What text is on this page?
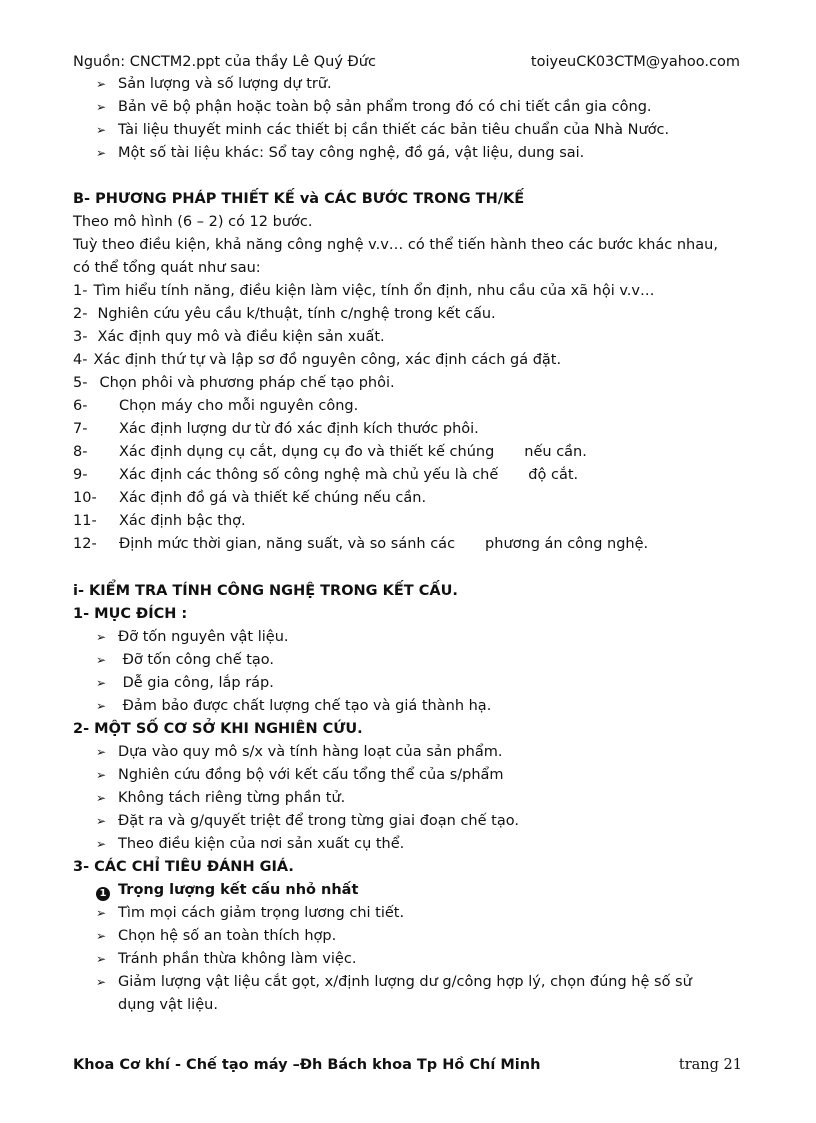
Nguồn: CNCTM2.ppt của thầy Lê Quý Đức	toiyeuCK03CTM@yahoo.com
➢ Sản lượng và số lượng dự trữ.
➢ Bản vẽ bộ phận hoặc toàn bộ sản phẩm trong đó có chi tiết cần gia công.
➢ Tài liệu thuyết minh các thiết bị cần thiết các bản tiêu chuẩn của Nhà Nước.
➢ Một số tài liệu khác: Sổ tay công nghệ, đồ gá, vật liệu, dung sai.
B- PHƯƠNG PHÁP THIẾT KẾ và CÁC BƯỚC TRONG TH/KẾ
Theo mô hình (6 – 2) có 12 bước.
Tuỳ theo điều kiện, khả năng công nghệ v.v… có thể tiến hành theo các bước khác nhau,
có thể tổng quát như sau:
1- Tìm hiểu tính năng, điều kiện làm việc, tính ổn định, nhu cầu của xã hội v.v…
2- Nghiên cứu yêu cầu k/thuật, tính c/nghệ trong kết cấu.
3- Xác định quy mô và điều kiện sản xuất.
4- Xác định thứ tự và lập sơ đồ nguyên công, xác định cách gá đặt.
5- Chọn phôi và phương pháp chế tạo phôi.
6- Chọn máy cho mỗi nguyên công.
7- Xác định lượng dư từ đó xác định kích thước phôi.
8- Xác định dụng cụ cắt, dụng cụ đo và thiết kế chúng nếu cần.
9- Xác định các thông số công nghệ mà chủ yếu là chế độ cắt.
10- Xác định đồ gá và thiết kế chúng nếu cần.
11- Xác định bậc thợ.
12- Định mức thời gian, năng suất, và so sánh các phương án công nghệ.
i- KIỂM TRA TÍNH CÔNG NGHỆ TRONG KẾT CẤU.
1- MỤC ĐÍCH :
➢ Đỡ tốn nguyên vật liệu.
➢ Đỡ tốn công chế tạo.
➢ Dễ gia công, lắp ráp.
➢ Đảm bảo được chất lượng chế tạo và giá thành hạ.
2- MỘT SỐ CƠ SỞ KHI NGHIÊN CỨU.
➢ Dựa vào quy mô s/x và tính hàng loạt của sản phẩm.
➢ Nghiên cứu đồng bộ với kết cấu tổng thể của s/phẩm
➢ Không tách riêng từng phần tử.
➢ Đặt ra và g/quyết triệt để trong từng giai đoạn chế tạo.
➢ Theo điều kiện của nơi sản xuất cụ thể.
3- CÁC CHỈ TIÊU ĐÁNH GIÁ.
1 Trọng lượng kết cấu nhỏ nhất
➢ Tìm mọi cách giảm trọng lương chi tiết.
➢ Chọn hệ số an toàn thích hợp.
➢ Tránh phần thừa không làm việc.
➢ Giảm lượng vật liệu cắt gọt, x/định lượng dư g/công hợp lý, chọn đúng hệ số sử
dụng vật liệu.
Khoa Cơ khí - Chế tạo máy –Đh Bách khoa Tp Hồ Chí Minh	trang 21
